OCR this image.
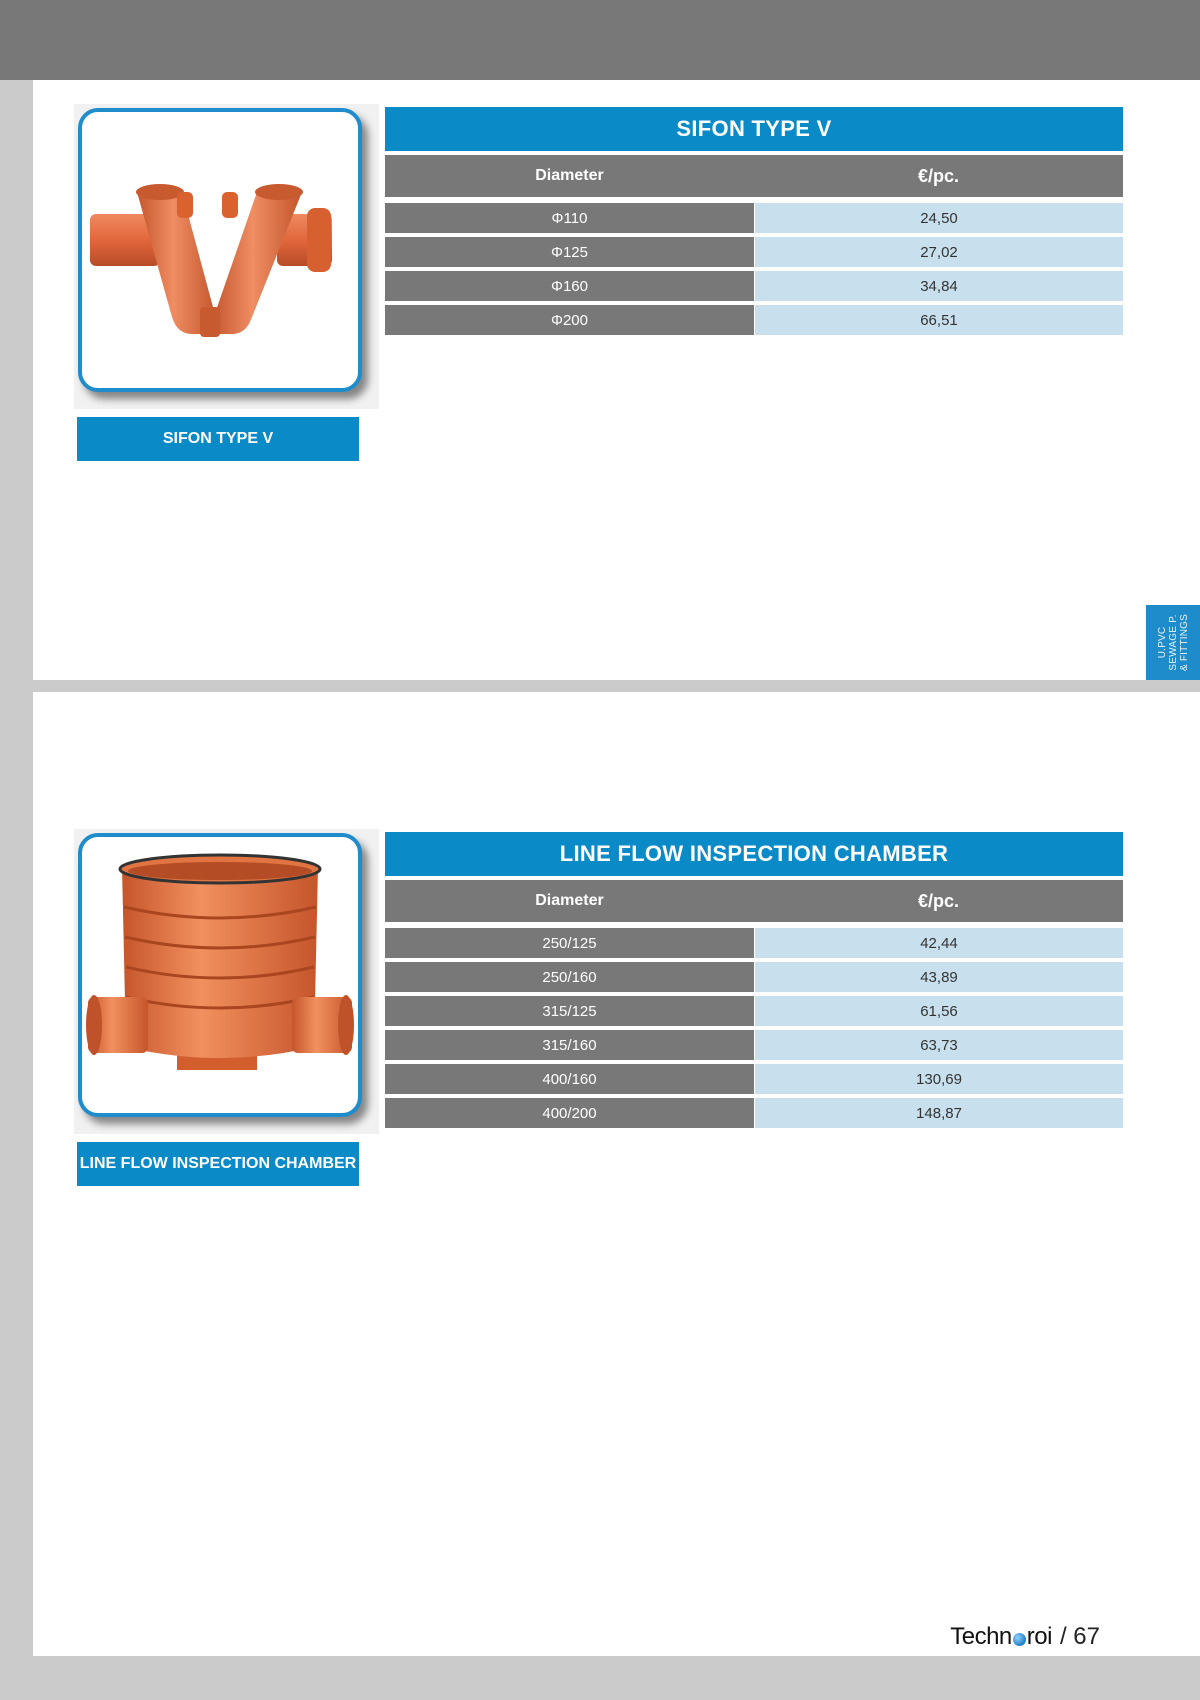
SIFON TYPE V
SIFON TYPE V
Diameter	€/pc.
Φ110	24,50
Φ125	27,02
Φ160	34,84
Φ200	66,51
U.PVC SEWAGE P. & FITTINGS
LINE FLOW INSPECTION CHAMBER
LINE FLOW INSPECTION CHAMBER
Diameter	€/pc.
250/125	42,44
250/160	43,89
315/125	61,56
315/160	63,73
400/160	130,69
400/200	148,87
Techn roi / 67
